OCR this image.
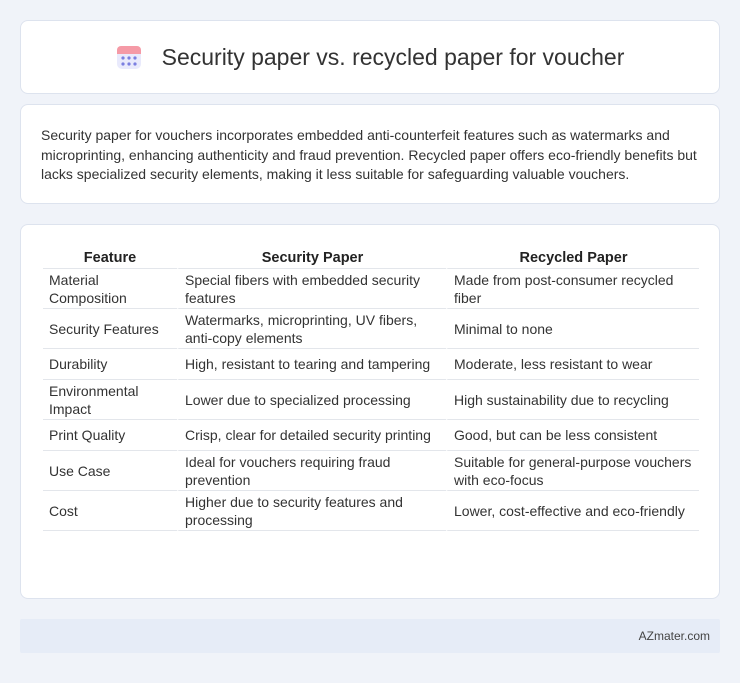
Security paper vs. recycled paper for voucher

Security paper for vouchers incorporates embedded anti-counterfeit features such as watermarks and microprinting, enhancing authenticity and fraud prevention. Recycled paper offers eco-friendly benefits but lacks specialized security elements, making it less suitable for safeguarding valuable vouchers.

Feature	Security Paper	Recycled Paper
Material Composition	Special fibers with embedded security features	Made from post-consumer recycled fiber
Security Features	Watermarks, microprinting, UV fibers, anti-copy elements	Minimal to none
Durability	High, resistant to tearing and tampering	Moderate, less resistant to wear
Environmental Impact	Lower due to specialized processing	High sustainability due to recycling
Print Quality	Crisp, clear for detailed security printing	Good, but can be less consistent
Use Case	Ideal for vouchers requiring fraud prevention	Suitable for general-purpose vouchers with eco-focus
Cost	Higher due to security features and processing	Lower, cost-effective and eco-friendly
AZmater.com
